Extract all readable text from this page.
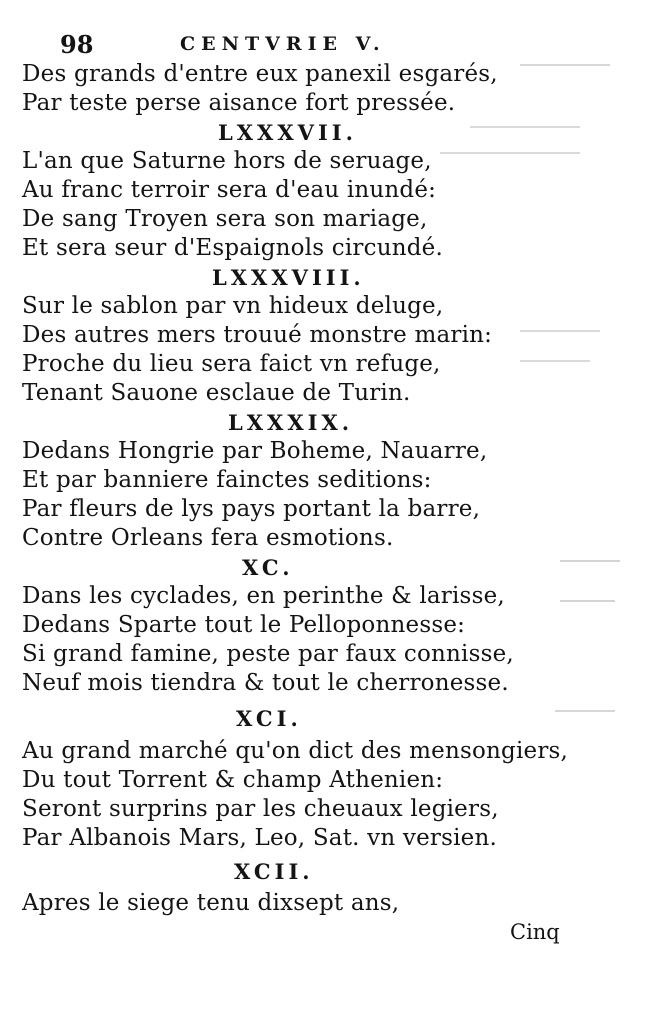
98	CENTVRIE V.
Des grands d'entre eux panexil esgarés,
Par teste perse aisance fort pressée.
LXXXVII.
L'an que Saturne hors de seruage,
Au franc terroir sera d'eau inundé:
De sang Troyen sera son mariage,
Et sera seur d'Espaignols circundé.
LXXXVIII.
Sur le sablon par vn hideux deluge,
Des autres mers trouué monstre marin:
Proche du lieu sera faict vn refuge,
Tenant Sauone esclaue de Turin.
LXXXIX.
Dedans Hongrie par Boheme, Nauarre,
Et par banniere fainctes seditions:
Par fleurs de lys pays portant la barre,
Contre Orleans fera esmotions.
XC.
Dans les cyclades, en perinthe & larisse,
Dedans Sparte tout le Pelloponnesse:
Si grand famine, peste par faux connisse,
Neuf mois tiendra & tout le cherronesse.
XCI.
Au grand marché qu'on dict des mensongiers,
Du tout Torrent & champ Athenien:
Seront surprins par les cheuaux legiers,
Par Albanois Mars, Leo, Sat. vn versien.
XCII.
Apres le siege tenu dixsept ans,
Cinq
